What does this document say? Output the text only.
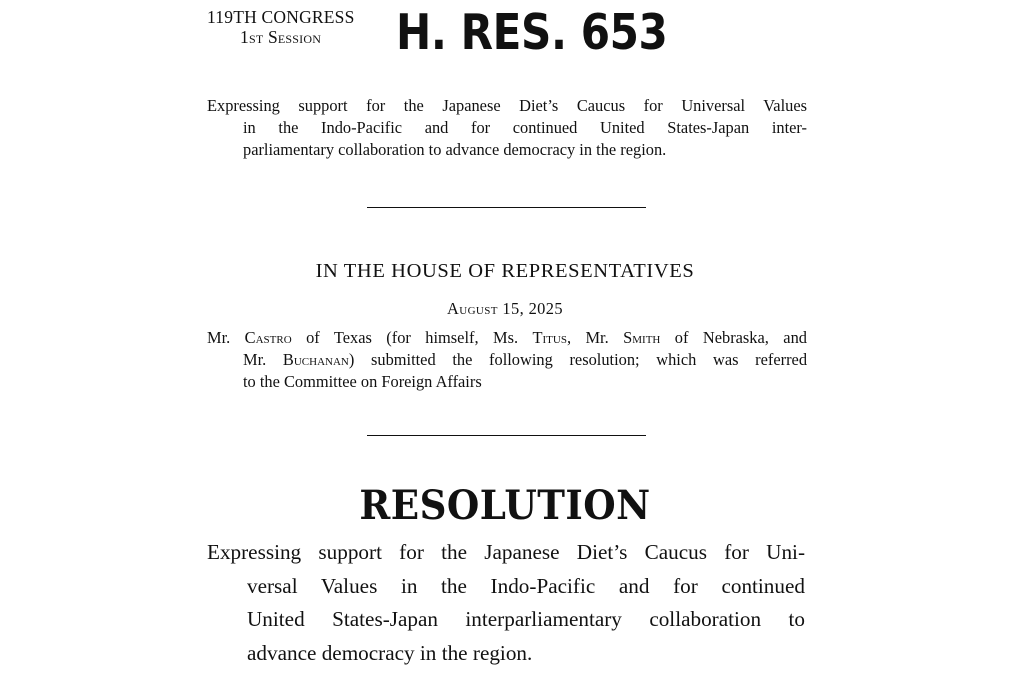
119TH CONGRESS
1st Session	H. RES. 653
Expressing support for the Japanese Diet’s Caucus for Universal Values
in the Indo-Pacific and for continued United States-Japan inter-
parliamentary collaboration to advance democracy in the region.
IN THE HOUSE OF REPRESENTATIVES
August 15, 2025
Mr. Castro of Texas (for himself, Ms. Titus, Mr. Smith of Nebraska, and
Mr. Buchanan) submitted the following resolution; which was referred
to the Committee on Foreign Affairs
RESOLUTION
Expressing support for the Japanese Diet’s Caucus for Uni-
versal Values in the Indo-Pacific and for continued
United States-Japan interparliamentary collaboration to
advance democracy in the region.
